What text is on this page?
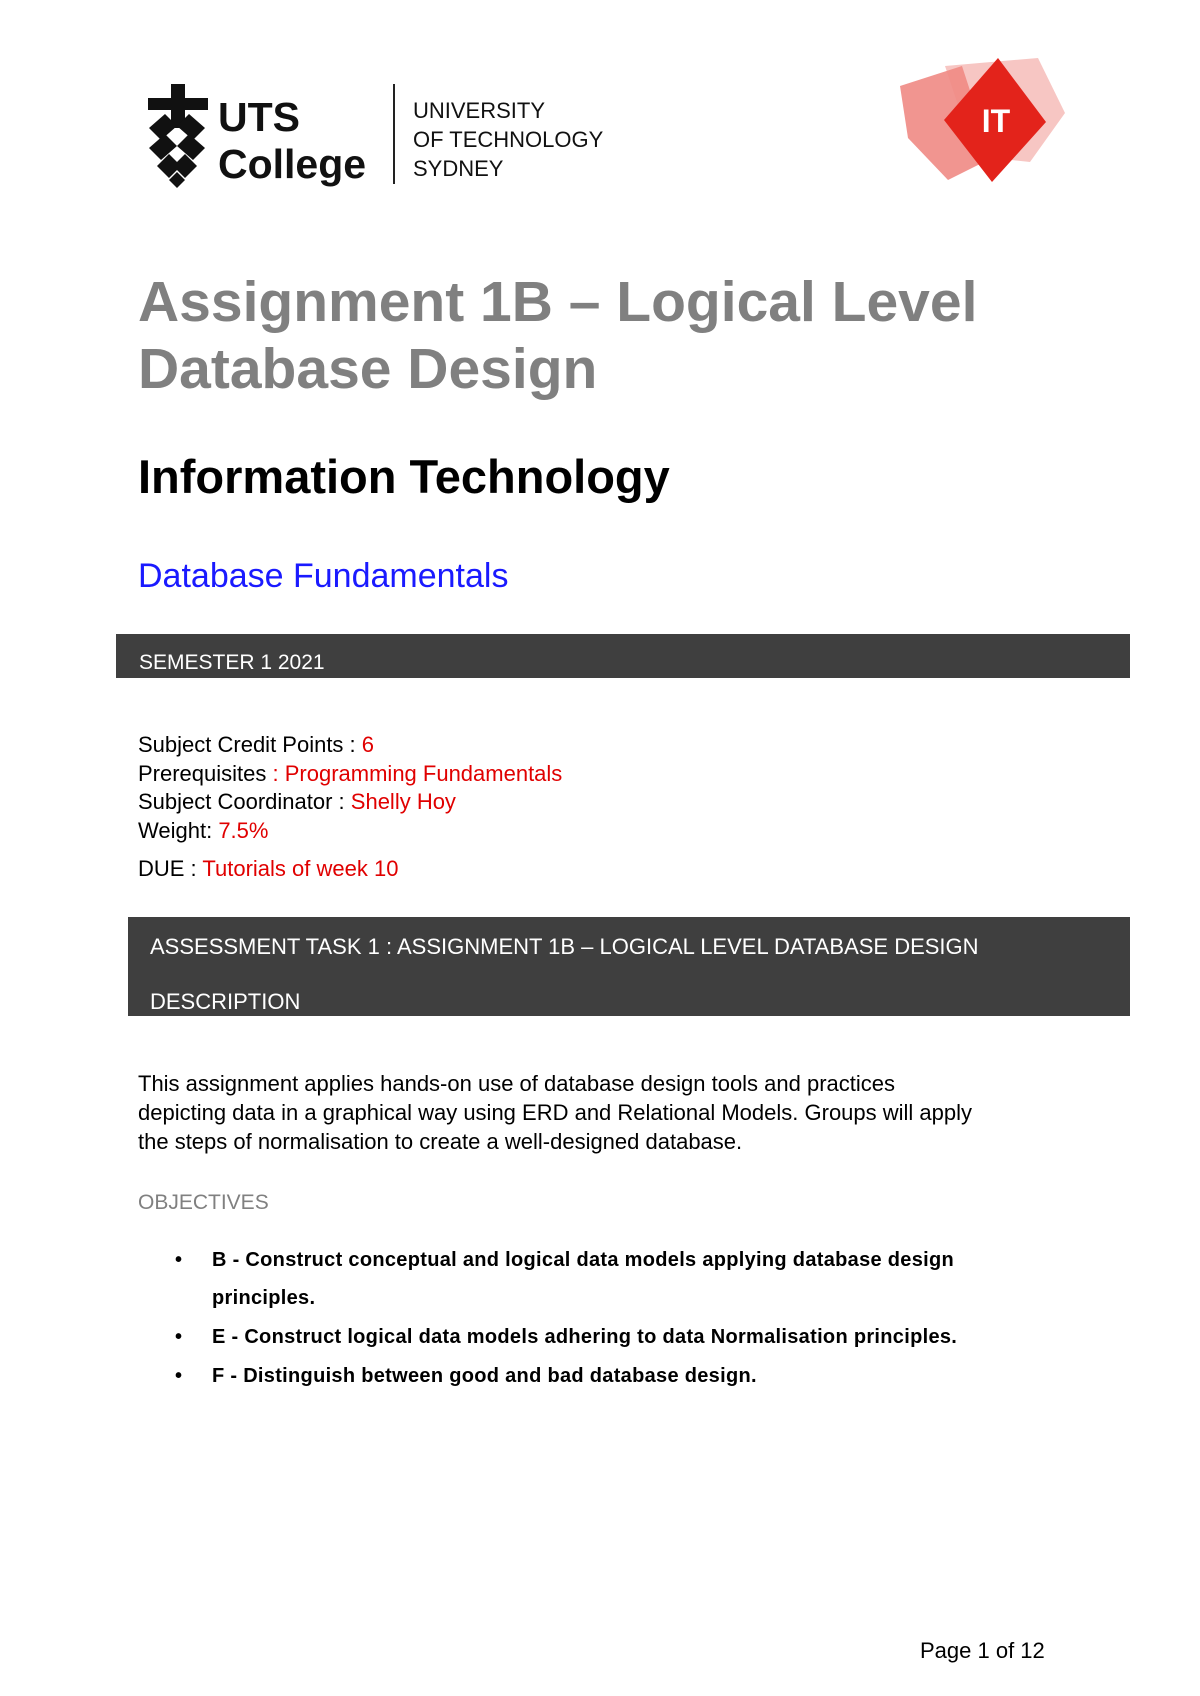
UTS
College
UNIVERSITY
OF TECHNOLOGY
SYDNEY
IT
Assignment 1B – Logical Level
Database Design
Information Technology
Database Fundamentals
SEMESTER 1 2021
Subject Credit Points : 6
Prerequisites : Programming Fundamentals
Subject Coordinator : Shelly Hoy
Weight: 7.5%
DUE : Tutorials of week 10
ASSESSMENT TASK 1 : ASSIGNMENT 1B – LOGICAL LEVEL DATABASE DESIGN
DESCRIPTION
This assignment applies hands-on use of database design tools and practices
depicting data in a graphical way using ERD and Relational Models. Groups will apply
the steps of normalisation to create a well-designed database.
OBJECTIVES
• B - Construct conceptual and logical data models applying database design
principles.
• E - Construct logical data models adhering to data Normalisation principles.
• F - Distinguish between good and bad database design.
Page 1 of 12
